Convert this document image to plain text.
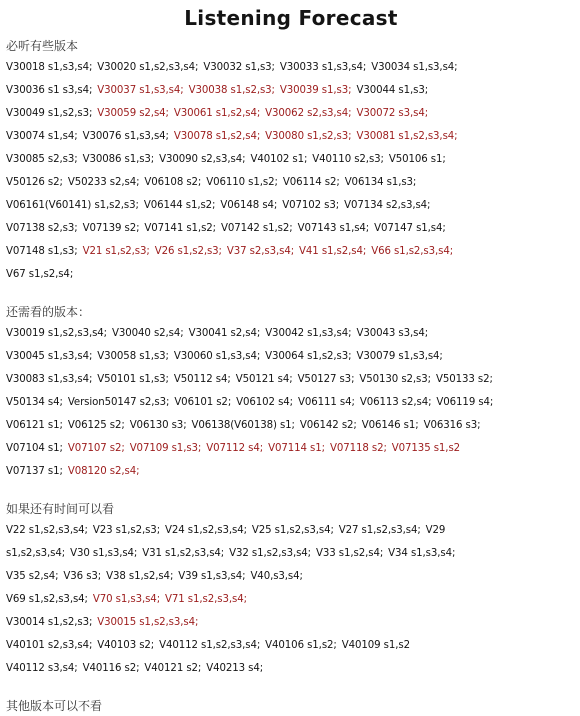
Listening Forecast
必听有些版本
V30018 s1,s3,s4; V30020 s1,s2,s3,s4; V30032 s1,s3; V30033 s1,s3,s4; V30034 s1,s3,s4;
V30036 s1 s3,s4; V30037 s1,s3,s4; V30038 s1,s2,s3; V30039 s1,s3; V30044 s1,s3;
V30049 s1,s2,s3; V30059 s2,s4; V30061 s1,s2,s4; V30062 s2,s3,s4; V30072 s3,s4;
V30074 s1,s4; V30076 s1,s3,s4; V30078 s1,s2,s4; V30080 s1,s2,s3; V30081 s1,s2,s3,s4;
V30085 s2,s3; V30086 s1,s3; V30090 s2,s3,s4; V40102 s1; V40110 s2,s3; V50106 s1;
V50126 s2; V50233 s2,s4; V06108 s2; V06110 s1,s2; V06114 s2; V06134 s1,s3;
V06161(V60141) s1,s2,s3; V06144 s1,s2; V06148 s4; V07102 s3; V07134 s2,s3,s4;
V07138 s2,s3; V07139 s2; V07141 s1,s2; V07142 s1,s2; V07143 s1,s4; V07147 s1,s4;
V07148 s1,s3; V21 s1,s2,s3; V26 s1,s2,s3; V37 s2,s3,s4; V41 s1,s2,s4; V66 s1,s2,s3,s4;
V67 s1,s2,s4;
还需看的版本：
V30019 s1,s2,s3,s4; V30040 s2,s4; V30041 s2,s4; V30042 s1,s3,s4; V30043 s3,s4;
V30045 s1,s3,s4; V30058 s1,s3; V30060 s1,s3,s4; V30064 s1,s2,s3; V30079 s1,s3,s4;
V30083 s1,s3,s4; V50101 s1,s3; V50112 s4; V50121 s4; V50127 s3; V50130 s2,s3; V50133 s2;
V50134 s4; Version50147 s2,s3; V06101 s2; V06102 s4; V06111 s4; V06113 s2,s4; V06119 s4;
V06121 s1; V06125 s2; V06130 s3; V06138(V60138) s1; V06142 s2; V06146 s1; V06316 s3;
V07104 s1; V07107 s2; V07109 s1,s3; V07112 s4; V07114 s1; V07118 s2; V07135 s1,s2
V07137 s1; V08120 s2,s4;
如果还有时间可以看
V22 s1,s2,s3,s4; V23 s1,s2,s3; V24 s1,s2,s3,s4; V25 s1,s2,s3,s4; V27 s1,s2,s3,s4; V29
s1,s2,s3,s4; V30 s1,s3,s4; V31 s1,s2,s3,s4; V32 s1,s2,s3,s4; V33 s1,s2,s4; V34 s1,s3,s4;
V35 s2,s4; V36 s3; V38 s1,s2,s4; V39 s1,s3,s4; V40,s3,s4;
V69 s1,s2,s3,s4; V70 s1,s3,s4; V71 s1,s2,s3,s4;
V30014 s1,s2,s3; V30015 s1,s2,s3,s4;
V40101 s2,s3,s4; V40103 s2; V40112 s1,s2,s3,s4; V40106 s1,s2; V40109 s1,s2
V40112 s3,s4; V40116 s2; V40121 s2; V40213 s4;
其他版本可以不看
